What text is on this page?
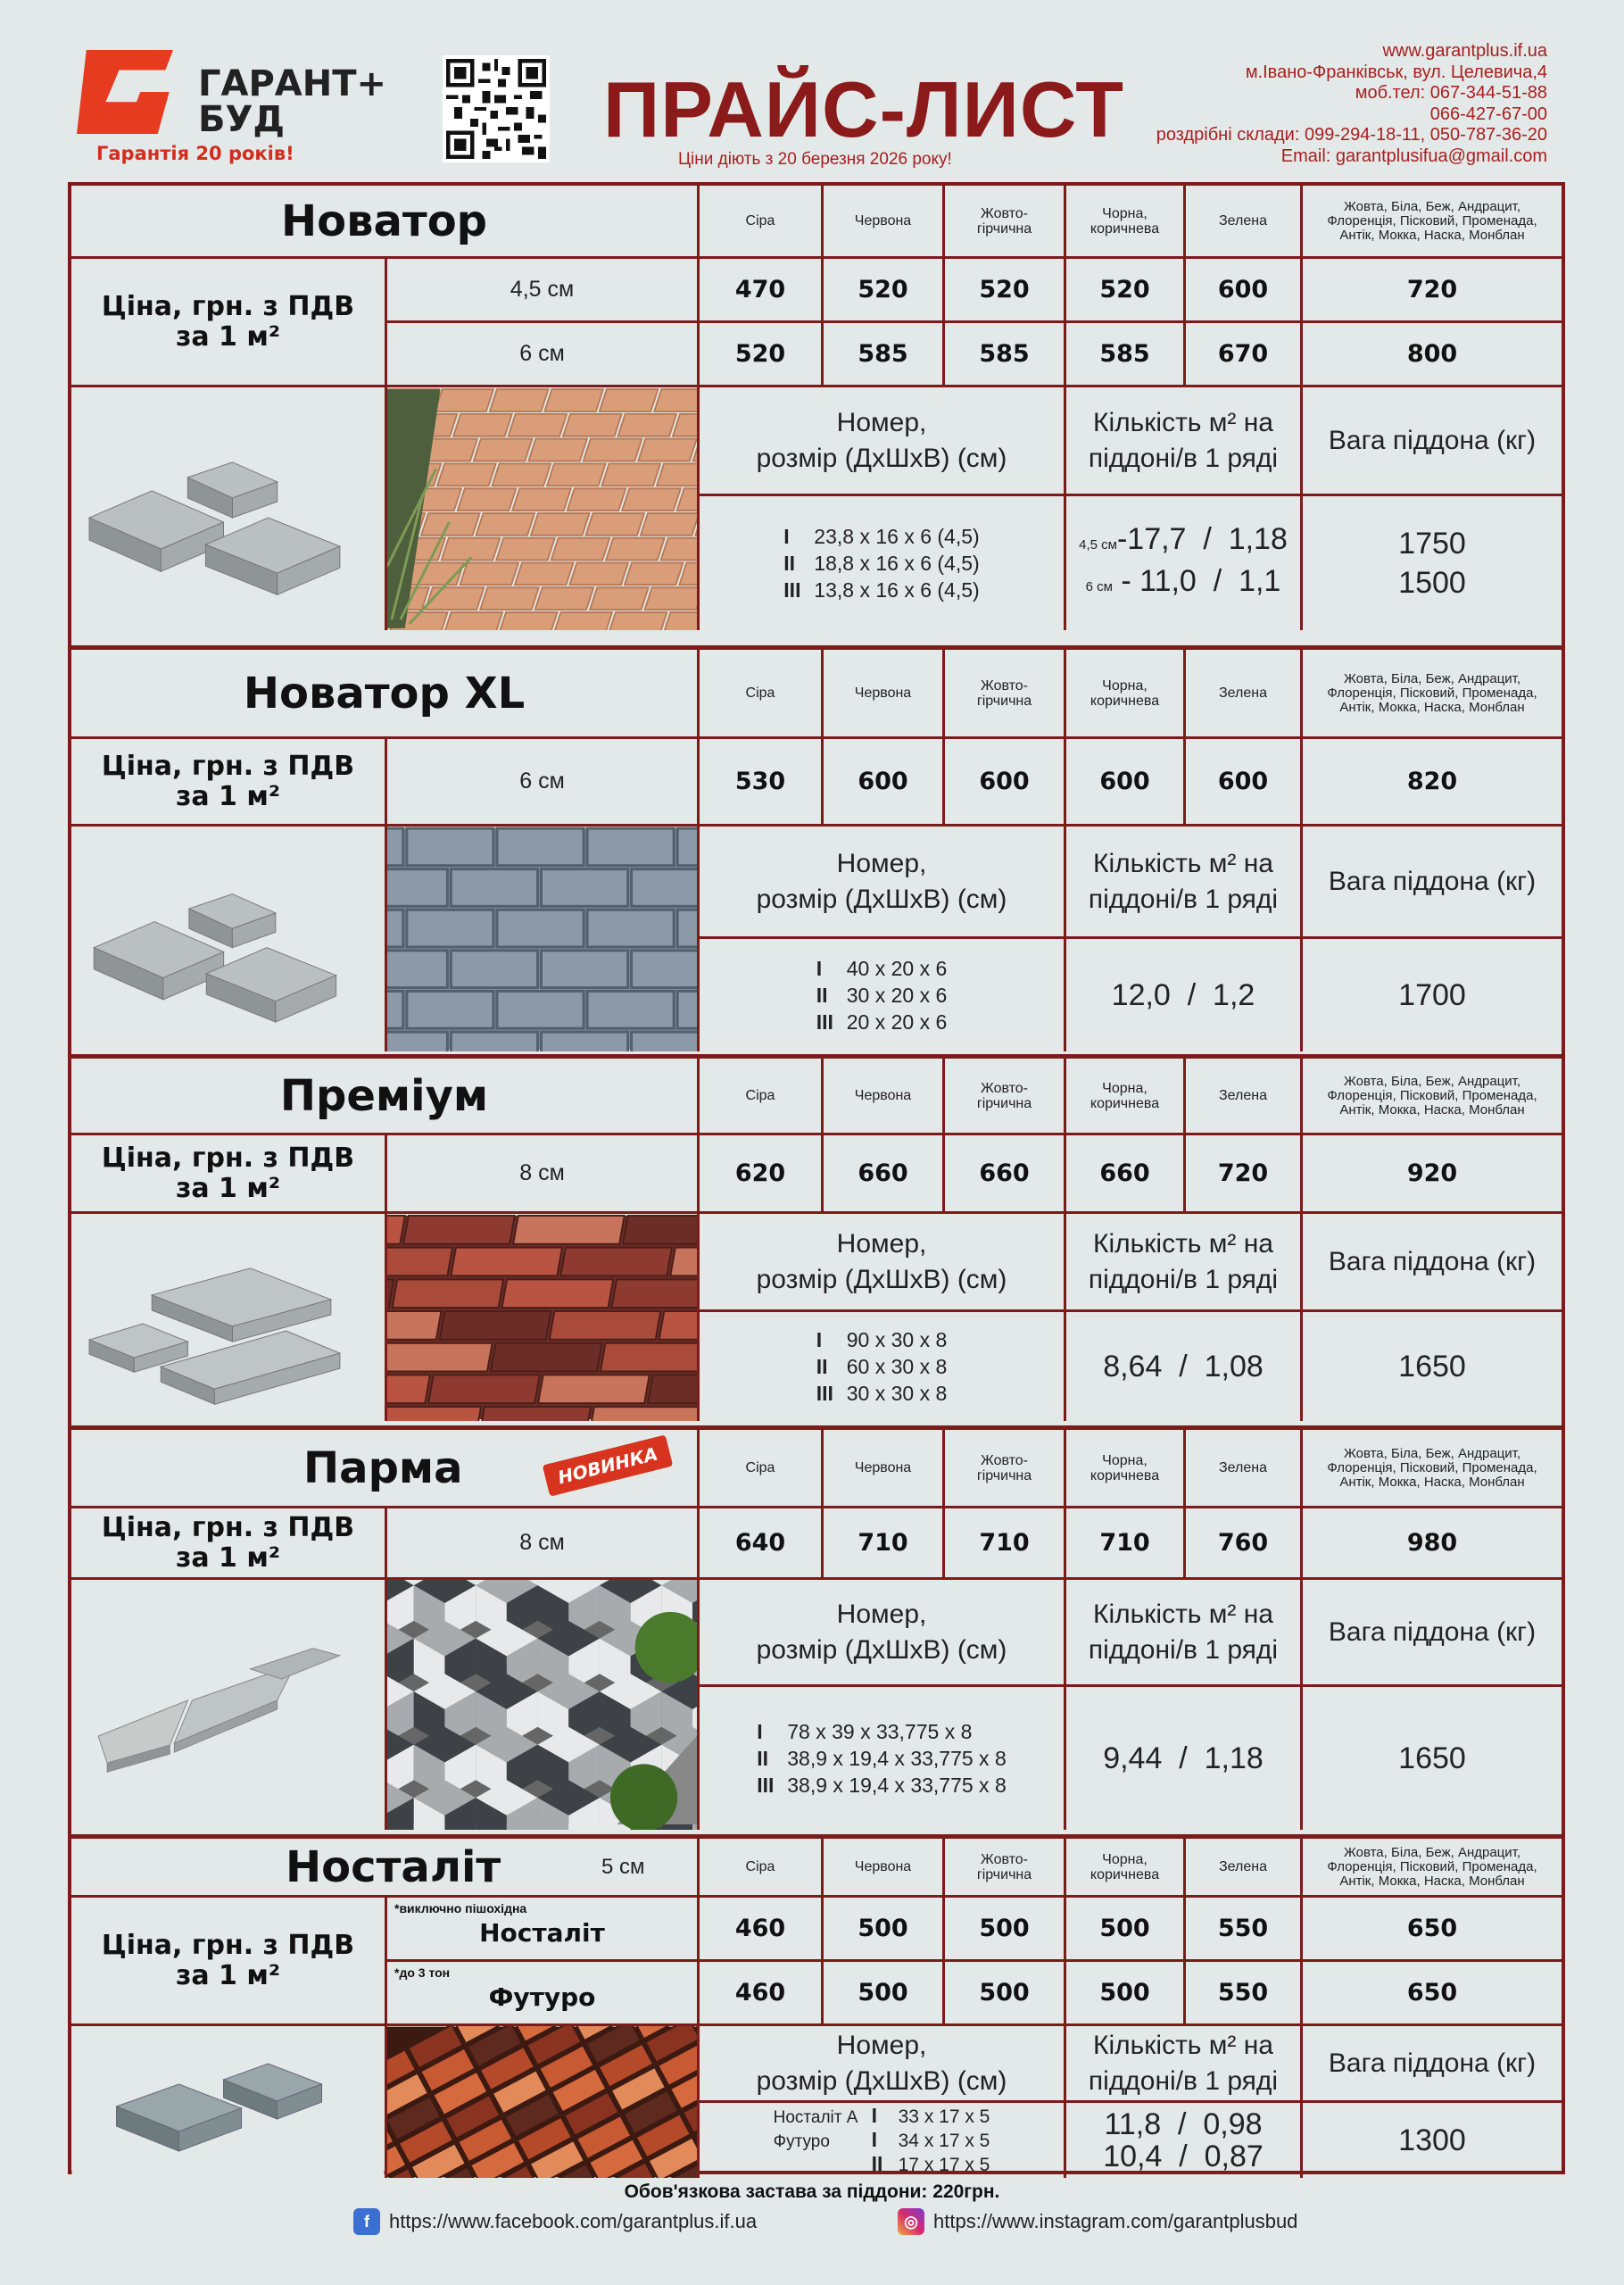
ГАРАНТ+
БУД
Гарантія 20 років!	ПРАЙС-ЛИСТ
Ціни діють з 20 березня 2026 року!
www.garantplus.if.ua
м.Івано-Франківськ, вул. Целевича,4
моб.тел: 067-344-51-88
066-427-67-00
роздрібні склади: 099-294-18-11, 050-787-36-20
Email: garantplusifua@gmail.com
Новатор	Сіра	Червона	Жовто-
гірчична
Чорна,
коричнева	Зелена
Жовта, Біла, Беж, Андрацит,
Флоренція, Пісковий, Променада,
Антік, Мокка, Наска, Монблан
Ціна, грн. з ПДВ
за 1 м²
4,5 см	470	520	520	520	600	720
6 см	520	585	585	585	670	800
Номер,
розмір (ДхШхВ) (см)
Кількість м² на
піддоні/в 1 ряді
Вага піддона (кг)
I 23,8 x 16 x 6 (4,5)
II 18,8 x 16 x 6 (4,5)
III 13,8 x 16 x 6 (4,5)
4,5 см-17,7  /  1,18
6 см - 11,0  /  1,1
1750
1500
Новатор XL	Сіра	Червона	Жовто-
гірчична
Чорна,
коричнева	Зелена
Жовта, Біла, Беж, Андрацит,
Флоренція, Пісковий, Променада,
Антік, Мокка, Наска, Монблан
Ціна, грн. з ПДВ
за 1 м²	6 см	530	600	600	600	600	820
Номер,
розмір (ДхШхВ) (см)
Кількість м² на
піддоні/в 1 ряді
Вага піддона (кг)
I 40 x 20 x 6
II 30 x 20 x 6
III 20 x 20 x 6
12,0  /  1,2	1700
Преміум	Сіра	Червона	Жовто-
гірчична
Чорна,
коричнева	Зелена
Жовта, Біла, Беж, Андрацит,
Флоренція, Пісковий, Променада,
Антік, Мокка, Наска, Монблан
Ціна, грн. з ПДВ
за 1 м²	8 см	620	660	660	660	720	920
Номер,
розмір (ДхШхВ) (см)
Кількість м² на
піддоні/в 1 ряді
Вага піддона (кг)
I 90 x 30 x 8
II 60 x 30 x 8
III 30 x 30 x 8
8,64  /  1,08	1650
Парма	НОВИНКА	Сіра	Червона	Жовто-
гірчична
Чорна,
коричнева	Зелена
Жовта, Біла, Беж, Андрацит,
Флоренція, Пісковий, Променада,
Антік, Мокка, Наска, Монблан
Ціна, грн. з ПДВ
за 1 м²	8 см	640	710	710	710	760	980
Номер,
розмір (ДхШхВ) (см)
Кількість м² на
піддоні/в 1 ряді
Вага піддона (кг)
I 78 x 39 x 33,775 x 8
II 38,9 x 19,4 x 33,775 x 8
III 38,9 x 19,4 x 33,775 x 8
9,44  /  1,18	1650
Носталіт	5 см	Сіра	Червона	Жовто-
гірчична
Чорна,
коричнева	Зелена
Жовта, Біла, Беж, Андрацит,
Флоренція, Пісковий, Променада,
Антік, Мокка, Наска, Монблан
Ціна, грн. з ПДВ
за 1 м²
*виключно пішохідна
Носталіт	460	500	500	500	550	650
*до 3 тон
Футуро	460	500	500	500	550	650
Номер,
розмір (ДхШхВ) (см)
Кількість м² на
піддоні/в 1 ряді
Вага піддона (кг)
Носталіт А I 33 x 17 x 5
Футуро I 34 x 17 x 5
II 17 x 17 x 5
11,8  /  0,98
10,4  /  0,87	1300
Обов'язкова застава за піддони: 220грн.
f	https://www.facebook.com/garantplus.if.ua	◎ https://www.instagram.com/garantplusbud
